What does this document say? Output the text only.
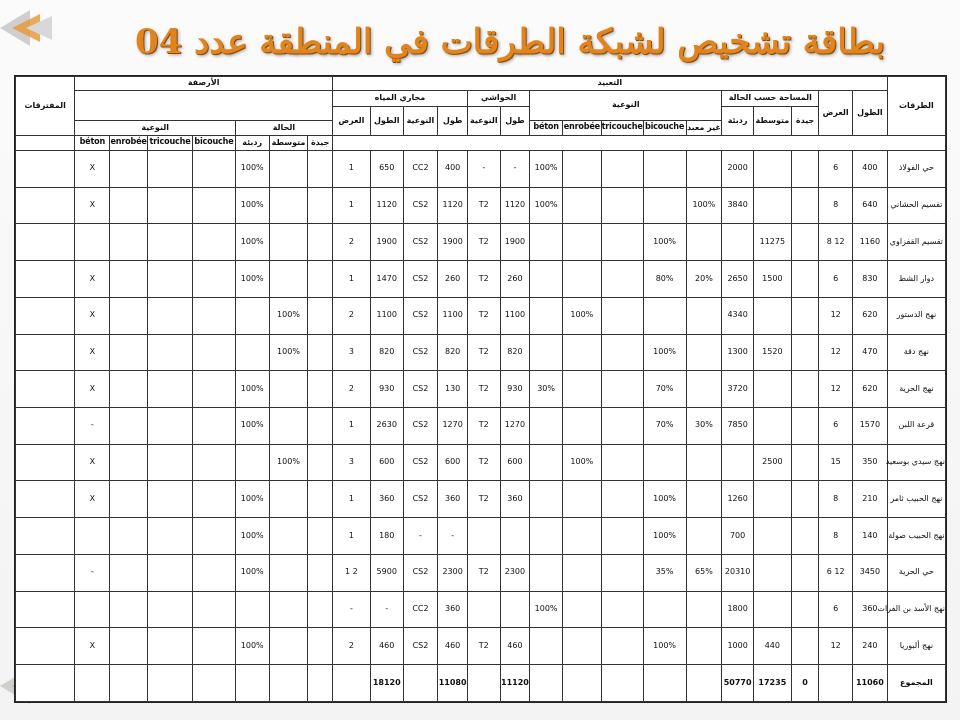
بطاقة تشخيص لشبكة الطرقات في المنطقة عدد 04
الطرقات	التعبيد																الأرصفة							المفترقات
	الطول	العرض	المساحة حسب الحالة			النوعية					الحواشي		مجاري المياه											
			جيدة	متوسطة	ردبئة						طول	النوعية	طول	النوعية	الطول	العرض								
						غير معبد	bicouche	tricouche	enrobée	béton							الحالة			النوعية				
																	جيدة	متوسطة	ردبئة	bicouche	tricouche	enrobée	béton	
حي الفولاذ	400	6			2000					100%	-	-	400	CC2	650	1			100%				X	
تقسيم الحشاني	640	8			3840	100%				100%	1120	T2	1120	CS2	1120	1			100%				X	
تقسيم القفزاوي	1160	12 8		11275			100%				1900	T2	1900	CS2	1900	2			100%					
دوار الشط	830	6		1500	2650	20%	80%				260	T2	260	CS2	1470	1			100%				X	
نهج الدستور	620	12			4340				100%		1100	T2	1100	CS2	1100	2		100%					X	
نهج دقة	470	12		1520	1300		100%				820	T2	820	CS2	820	3		100%					X	
نهج الحرية	620	12			3720		70%			30%	930	T2	130	CS2	930	2			100%				X	
قرعة اللبن	1570	6			7850	30%	70%				1270	T2	1270	CS2	2630	1			100%				-	
نهج سيدي بوسعيد	350	15		2500					100%		600	T2	600	CS2	600	3		100%					X	
نهج الحبيب ثامر	210	8			1260		100%				360	T2	360	CS2	360	1			100%				X	
نهج الحبيب صولة	140	8			700		100%						-	-	180	1			100%					
حي الحرية	3450	12 6			20310	65%	35%				2300	T2	2300	CS2	5900	2 1			100%				-	
نهج الأسد بن الفرات	360	6			1800					100%			360	CC2	-	-								
نهج ألبوريا	240	12		440	1000		100%				460	T2	460	CS2	460	2			100%				X	
المجموع	11060		0	17235	50770						11120		11080		18120									
